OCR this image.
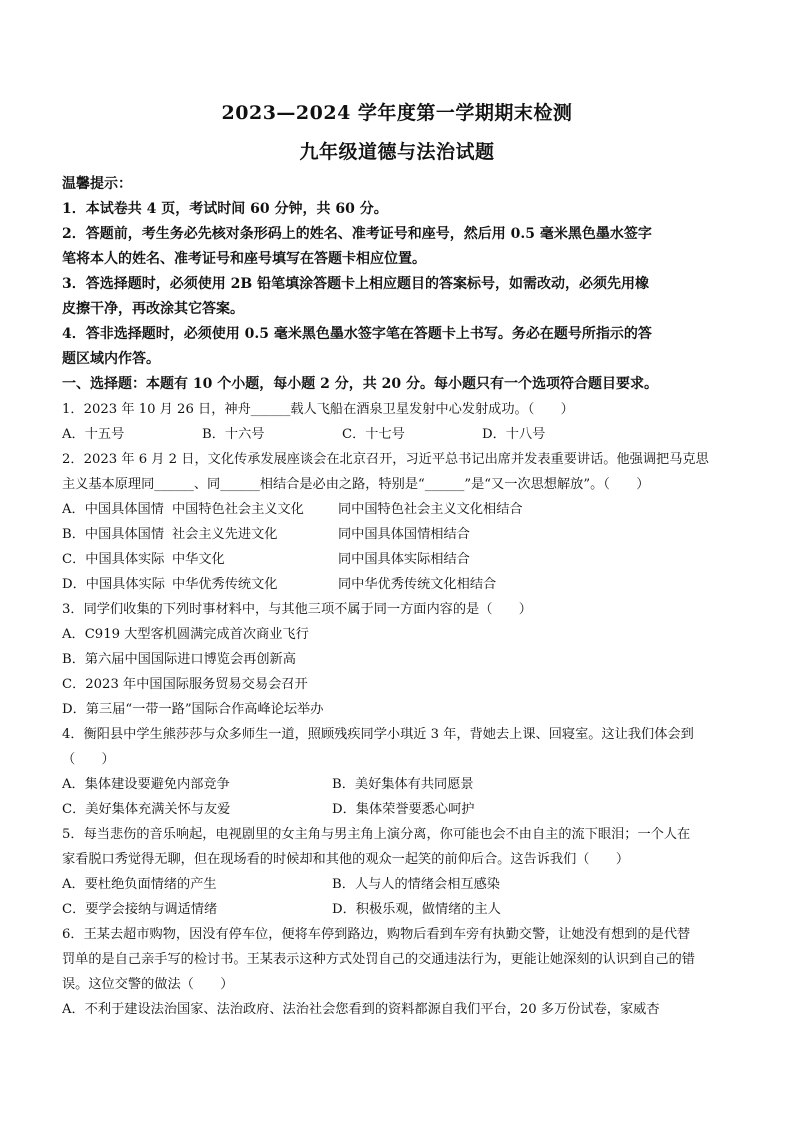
2023—2024 学年度第一学期期末检测
九年级道德与法治试题
温馨提示：
1．本试卷共 4 页，考试时间 60 分钟，共 60 分。
2．答题前，考生务必先核对条形码上的姓名、准考证号和座号，然后用 0.5 毫米黑色墨水签字
笔将本人的姓名、准考证号和座号填写在答题卡相应位置。
3．答选择题时，必须使用 2B 铅笔填涂答题卡上相应题目的答案标号，如需改动，必须先用橡
皮擦干净，再改涂其它答案。
4．答非选择题时，必须使用 0.5 毫米黑色墨水签字笔在答题卡上书写。务必在题号所指示的答
题区域内作答。
一、选择题：本题有 10 个小题，每小题 2 分，共 20 分。每小题只有一个选项符合题目要求。
1．2023 年 10 月 26 日，神舟______载人飞船在酒泉卫星发射中心发射成功。（　　）
A．十五号	B．十六号	C．十七号	D．十八号
2．2023 年 6 月 2 日，文化传承发展座谈会在北京召开，习近平总书记出席并发表重要讲话。他强调把马克思
主义基本原理同______、同______相结合是必由之路，特别是“______”是“又一次思想解放”。（　　）
A．中国具体国情 中国特色社会主义文化	同中国特色社会主义文化相结合
B．中国具体国情 社会主义先进文化	同中国具体国情相结合
C．中国具体实际 中华文化	同中国具体实际相结合
D．中国具体实际 中华优秀传统文化	同中华优秀传统文化相结合
3．同学们收集的下列时事材料中，与其他三项不属于同一方面内容的是（　　）
A．C919 大型客机圆满完成首次商业飞行
B．第六届中国国际进口博览会再创新高
C．2023 年中国国际服务贸易交易会召开
D．第三届“一带一路”国际合作高峰论坛举办
4．衡阳县中学生熊莎莎与众多师生一道，照顾残疾同学小琪近 3 年，背她去上课、回寝室。这让我们体会到
（　　）
A．集体建设要避免内部竞争	B．美好集体有共同愿景
C．美好集体充满关怀与友爱	D．集体荣誉要悉心呵护
5．每当悲伤的音乐响起，电视剧里的女主角与男主角上演分离，你可能也会不由自主的流下眼泪；一个人在
家看脱口秀觉得无聊，但在现场看的时候却和其他的观众一起笑的前仰后合。这告诉我们（　　）
A．要杜绝负面情绪的产生	B．人与人的情绪会相互感染
C．要学会接纳与调适情绪	D．积极乐观，做情绪的主人
6．王某去超市购物，因没有停车位，便将车停到路边，购物后看到车旁有执勤交警，让她没有想到的是代替
罚单的是自己亲手写的检讨书。王某表示这种方式处罚自己的交通违法行为，更能让她深刻的认识到自己的错
误。这位交警的做法（　　）
A．不利于建设法治国家、法治政府、法治社会您看到的资料都源自我们平台，20 多万份试卷，家威杏
